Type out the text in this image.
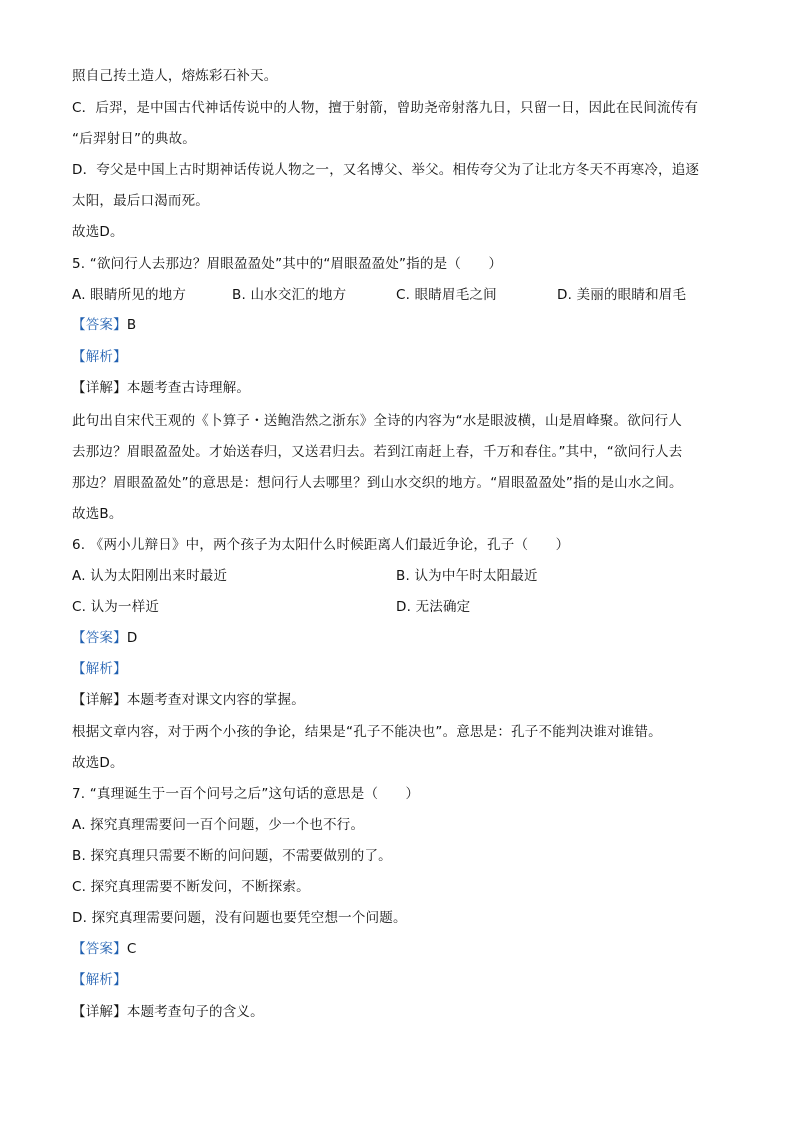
照自己抟土造人，熔炼彩石补天。
C．后羿，是中国古代神话传说中的人物，擅于射箭，曾助尧帝射落九日，只留一日，因此在民间流传有
“后羿射日”的典故。
D．夸父是中国上古时期神话传说人物之一，又名博父、举父。相传夸父为了让北方冬天不再寒冷，追逐
太阳，最后口渴而死。
故选D。
5. “欲问行人去那边？眉眼盈盈处”其中的“眉眼盈盈处”指的是（　　）
A. 眼睛所见的地方	B. 山水交汇的地方	C. 眼睛眉毛之间	D. 美丽的眼睛和眉毛
【答案】B
【解析】
【详解】本题考查古诗理解。
此句出自宋代王观的《卜算子・送鲍浩然之浙东》全诗的内容为“水是眼波横，山是眉峰聚。欲问行人
去那边？眉眼盈盈处。才始送春归，又送君归去。若到江南赶上春，千万和春住。”其中，“欲问行人去
那边？眉眼盈盈处”的意思是：想问行人去哪里？到山水交织的地方。“眉眼盈盈处”指的是山水之间。
故选B。
6. 《两小儿辩日》中，两个孩子为太阳什么时候距离人们最近争论，孔子（　　）
A. 认为太阳刚出来时最近	B. 认为中午时太阳最近
C. 认为一样近	D. 无法确定
【答案】D
【解析】
【详解】本题考查对课文内容的掌握。
根据文章内容，对于两个小孩的争论，结果是“孔子不能决也”。意思是：孔子不能判决谁对谁错。
故选D。
7. “真理诞生于一百个问号之后”这句话的意思是（　　）
A. 探究真理需要问一百个问题，少一个也不行。
B. 探究真理只需要不断的问问题，不需要做别的了。
C. 探究真理需要不断发问，不断探索。
D. 探究真理需要问题，没有问题也要凭空想一个问题。
【答案】C
【解析】
【详解】本题考查句子的含义。
